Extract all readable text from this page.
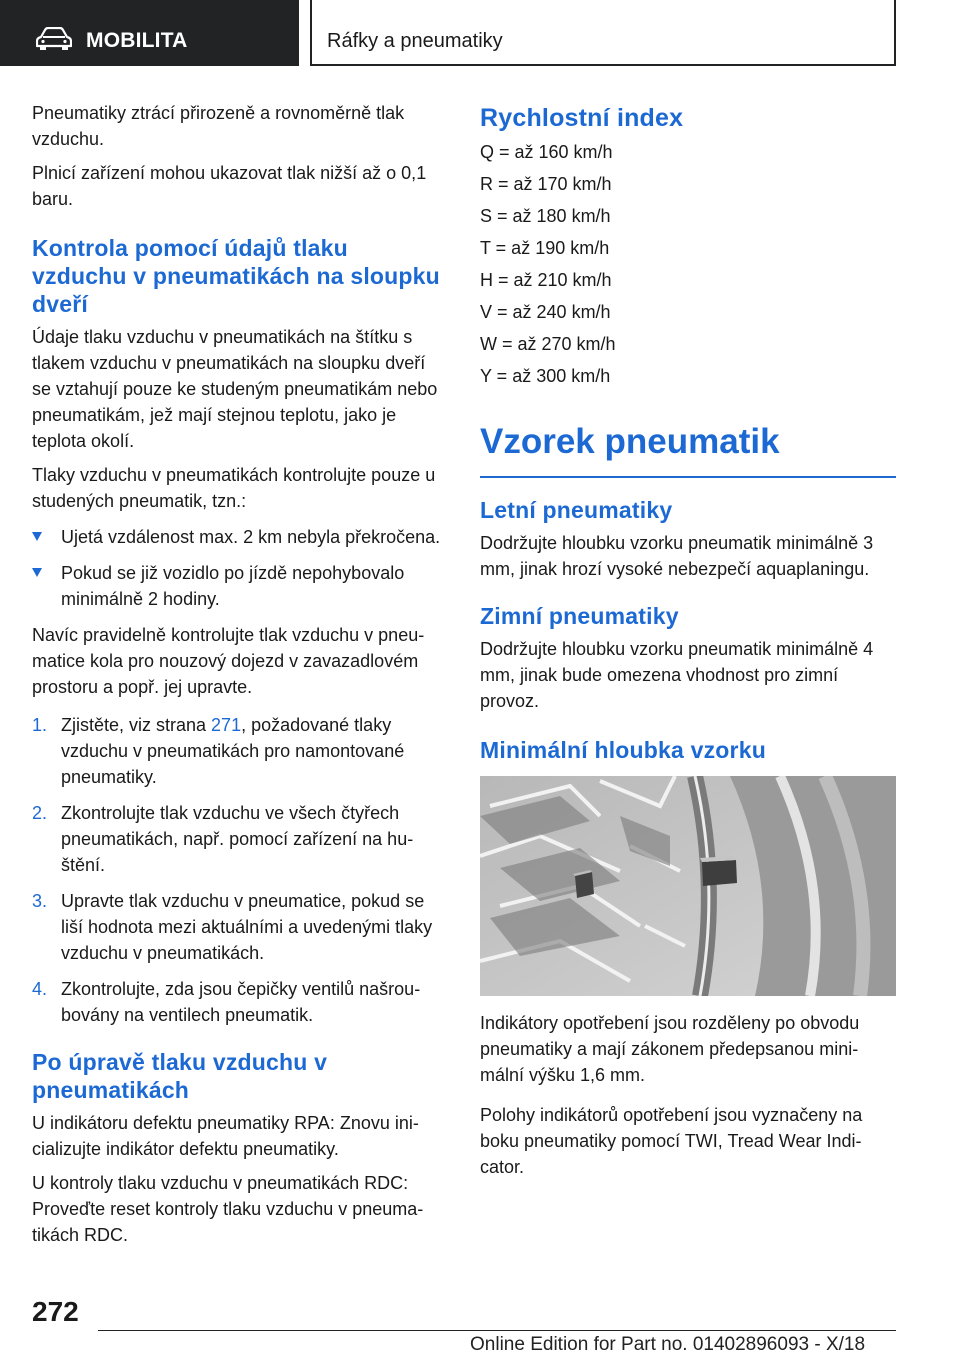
MOBILITA	Ráfky a pneumatiky

Pneumatiky ztrácí přirozeně a rovnoměrně tlak vzduchu.

Plnicí zařízení mohou ukazovat tlak nižší až o 0,1 baru.

Kontrola pomocí údajů tlaku vzduchu v pneumatikách na sloupku dveří

Údaje tlaku vzduchu v pneumatikách na štítku s tlakem vzduchu v pneumatikách na sloupku dveří se vztahují pouze ke studeným pneumatikám nebo pneumatikám, jež mají stejnou teplotu, jako je teplota okolí.

Tlaky vzduchu v pneumatikách kontrolujte pouze u studených pneumatik, tzn.:

Ujetá vzdálenost max. 2 km nebyla překročena.
Pokud se již vozidlo po jízdě nepohybovalo minimálně 2 hodiny.

Navíc pravidelně kontrolujte tlak vzduchu v pneumatice kola pro nouzový dojezd v zavazadlovém prostoru a popř. jej upravte.

1. Zjistěte, viz strana 271, požadované tlaky vzduchu v pneumatikách pro namontované pneumatiky.
2. Zkontrolujte tlak vzduchu ve všech čtyřech pneumatikách, např. pomocí zařízení na huštění.
3. Upravte tlak vzduchu v pneumatice, pokud se liší hodnota mezi aktuálními a uvedenými tlaky vzduchu v pneumatikách.
4. Zkontrolujte, zda jsou čepičky ventilů našroubovány na ventilech pneumatik.
Po úpravě tlaku vzduchu v pneumatikách

U indikátoru defektu pneumatiky RPA: Znovu inicializujte indikátor defektu pneumatiky.

U kontroly tlaku vzduchu v pneumatikách RDC: Proveďte reset kontroly tlaku vzduchu v pneumatikách RDC.

Rychlostní index
Q = až 160 km/h
R = až 170 km/h
S = až 180 km/h
T = až 190 km/h
H = až 210 km/h
V = až 240 km/h
W = až 270 km/h
Y = až 300 km/h
Vzorek pneumatik
Letní pneumatiky

Dodržujte hloubku vzorku pneumatik minimálně 3 mm, jinak hrozí vysoké nebezpečí aquaplaningu.

Zimní pneumatiky

Dodržujte hloubku vzorku pneumatik minimálně 4 mm, jinak bude omezena vhodnost pro zimní provoz.

Minimální hloubka vzorku

Indikátory opotřebení jsou rozděleny po obvodu pneumatiky a mají zákonem předepsanou minimální výšku 1,6 mm.

Polohy indikátorů opotřebení jsou vyznačeny na boku pneumatiky pomocí TWI, Tread Wear Indicator.

272
Online Edition for Part no. 01402896093 - X/18
